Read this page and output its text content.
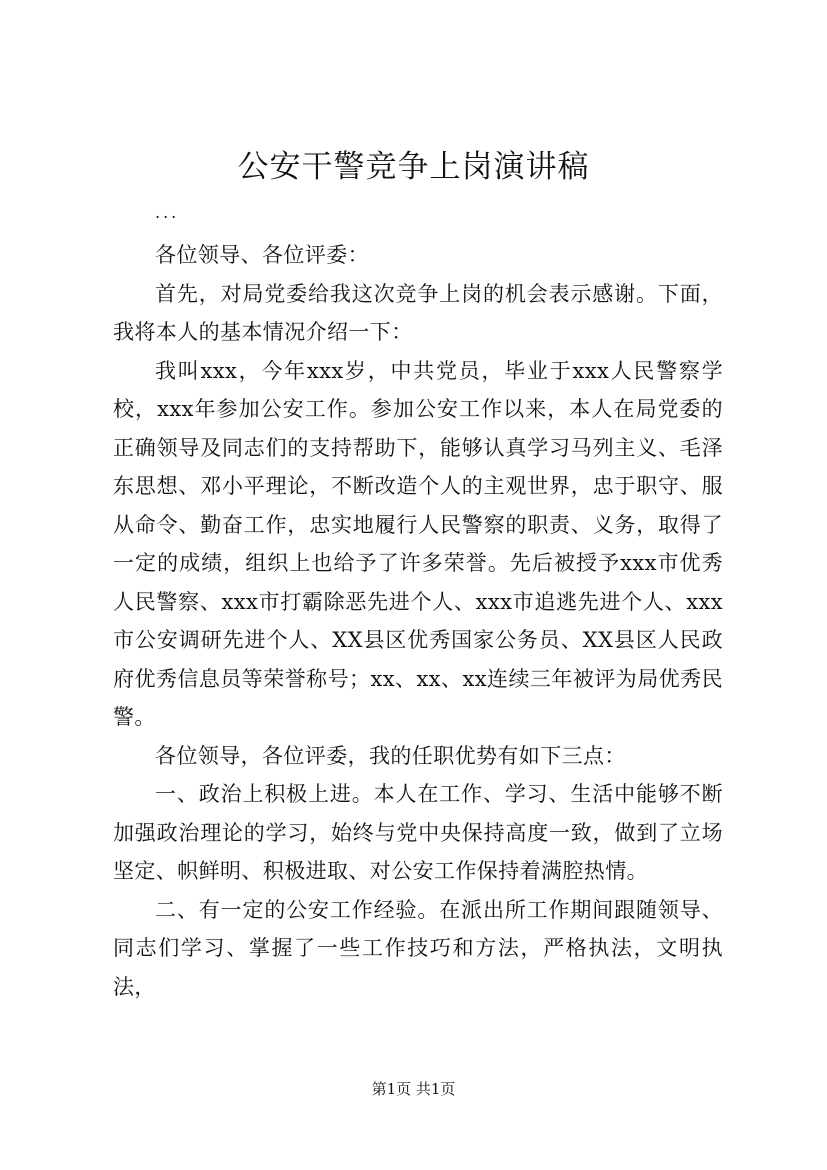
公安干警竞争上岗演讲稿
...

各位领导、各位评委：

首先，对局党委给我这次竞争上岗的机会表示感谢。下面，我将本人的基本情况介绍一下：

我叫xxx，今年xxx岁，中共党员，毕业于xxx人民警察学校，xxx年参加公安工作。参加公安工作以来，本人在局党委的正确领导及同志们的支持帮助下，能够认真学习马列主义、毛泽东思想、邓小平理论，不断改造个人的主观世界，忠于职守、服从命令、勤奋工作，忠实地履行人民警察的职责、义务，取得了一定的成绩，组织上也给予了许多荣誉。先后被授予xxx市优秀人民警察、xxx市打霸除恶先进个人、xxx市追逃先进个人、xxx市公安调研先进个人、XX县区优秀国家公务员、XX县区人民政府优秀信息员等荣誉称号；xx、xx、xx连续三年被评为局优秀民警。

各位领导，各位评委，我的任职优势有如下三点：

一、政治上积极上进。本人在工作、学习、生活中能够不断加强政治理论的学习，始终与党中央保持高度一致，做到了立场坚定、帜鲜明、积极进取、对公安工作保持着满腔热情。

二、有一定的公安工作经验。在派出所工作期间跟随领导、同志们学习、掌握了一些工作技巧和方法，严格执法，文明执法，

第1页 共1页
